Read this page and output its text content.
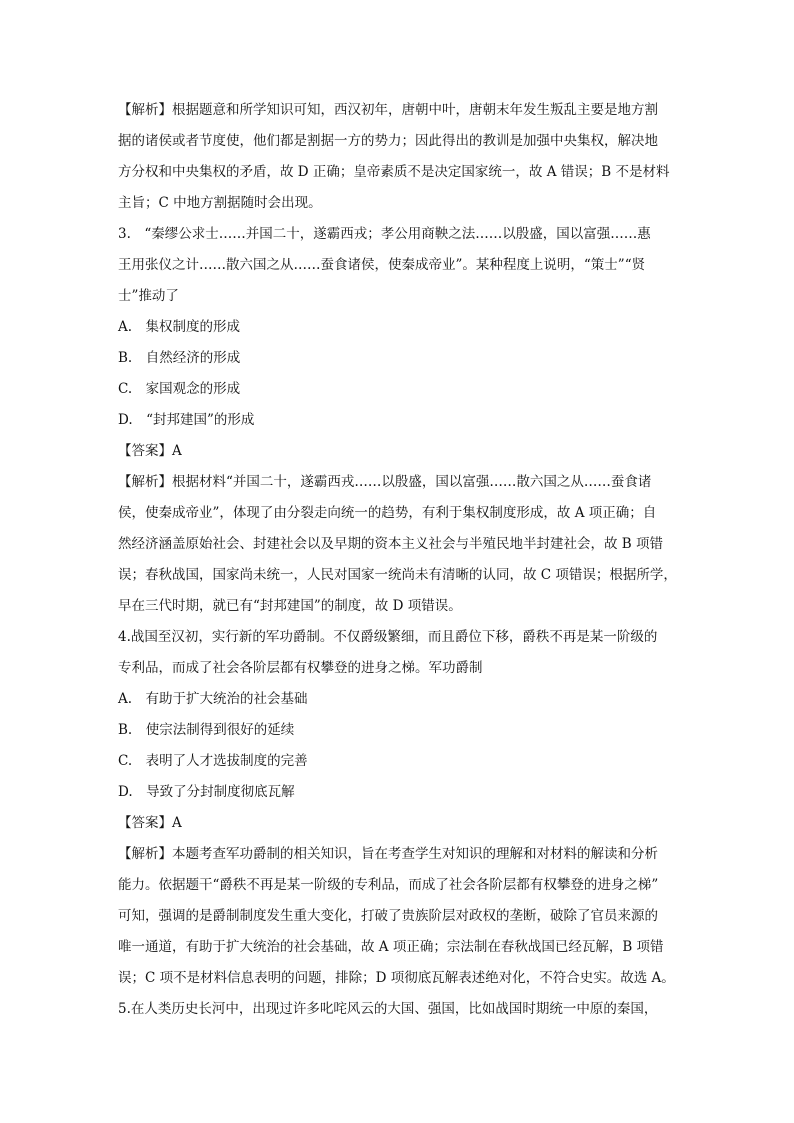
【解析】根据题意和所学知识可知，西汉初年，唐朝中叶，唐朝末年发生叛乱主要是地方割
据的诸侯或者节度使，他们都是割据一方的势力；因此得出的教训是加强中央集权，解决地
方分权和中央集权的矛盾，故 D 正确；皇帝素质不是决定国家统一，故 A 错误；B 不是材料
主旨；C 中地方割据随时会出现。
3.　“秦缪公求士……并国二十，遂霸西戎；孝公用商鞅之法……以殷盛，国以富强……惠
王用张仪之计……散六国之从……蚕食诸侯，使秦成帝业”。某种程度上说明，“策士”“贤
士”推动了
A.　集权制度的形成
B.　自然经济的形成
C.　家国观念的形成
D.　“封邦建国”的形成
【答案】A
【解析】根据材料“并国二十，遂霸西戎……以殷盛，国以富强……散六国之从……蚕食诸
侯，使秦成帝业”，体现了由分裂走向统一的趋势，有利于集权制度形成，故 A 项正确；自
然经济涵盖原始社会、封建社会以及早期的资本主义社会与半殖民地半封建社会，故 B 项错
误；春秋战国，国家尚未统一，人民对国家一统尚未有清晰的认同，故 C 项错误；根据所学，
早在三代时期，就已有“封邦建国”的制度，故 D 项错误。
4.战国至汉初，实行新的军功爵制。不仅爵级繁细，而且爵位下移，爵秩不再是某一阶级的
专利品，而成了社会各阶层都有权攀登的进身之梯。军功爵制
A.　有助于扩大统治的社会基础
B.　使宗法制得到很好的延续
C.　表明了人才选拔制度的完善
D.　导致了分封制度彻底瓦解
【答案】A
【解析】本题考查军功爵制的相关知识，旨在考查学生对知识的理解和对材料的解读和分析
能力。依据题干“爵秩不再是某一阶级的专利品，而成了社会各阶层都有权攀登的进身之梯”
可知，强调的是爵制制度发生重大变化，打破了贵族阶层对政权的垄断，破除了官员来源的
唯一通道，有助于扩大统治的社会基础，故 A 项正确；宗法制在春秋战国已经瓦解，B 项错
误；C 项不是材料信息表明的问题，排除；D 项彻底瓦解表述绝对化，不符合史实。故选 A。
5.在人类历史长河中，出现过许多叱咤风云的大国、强国，比如战国时期统一中原的秦国，
